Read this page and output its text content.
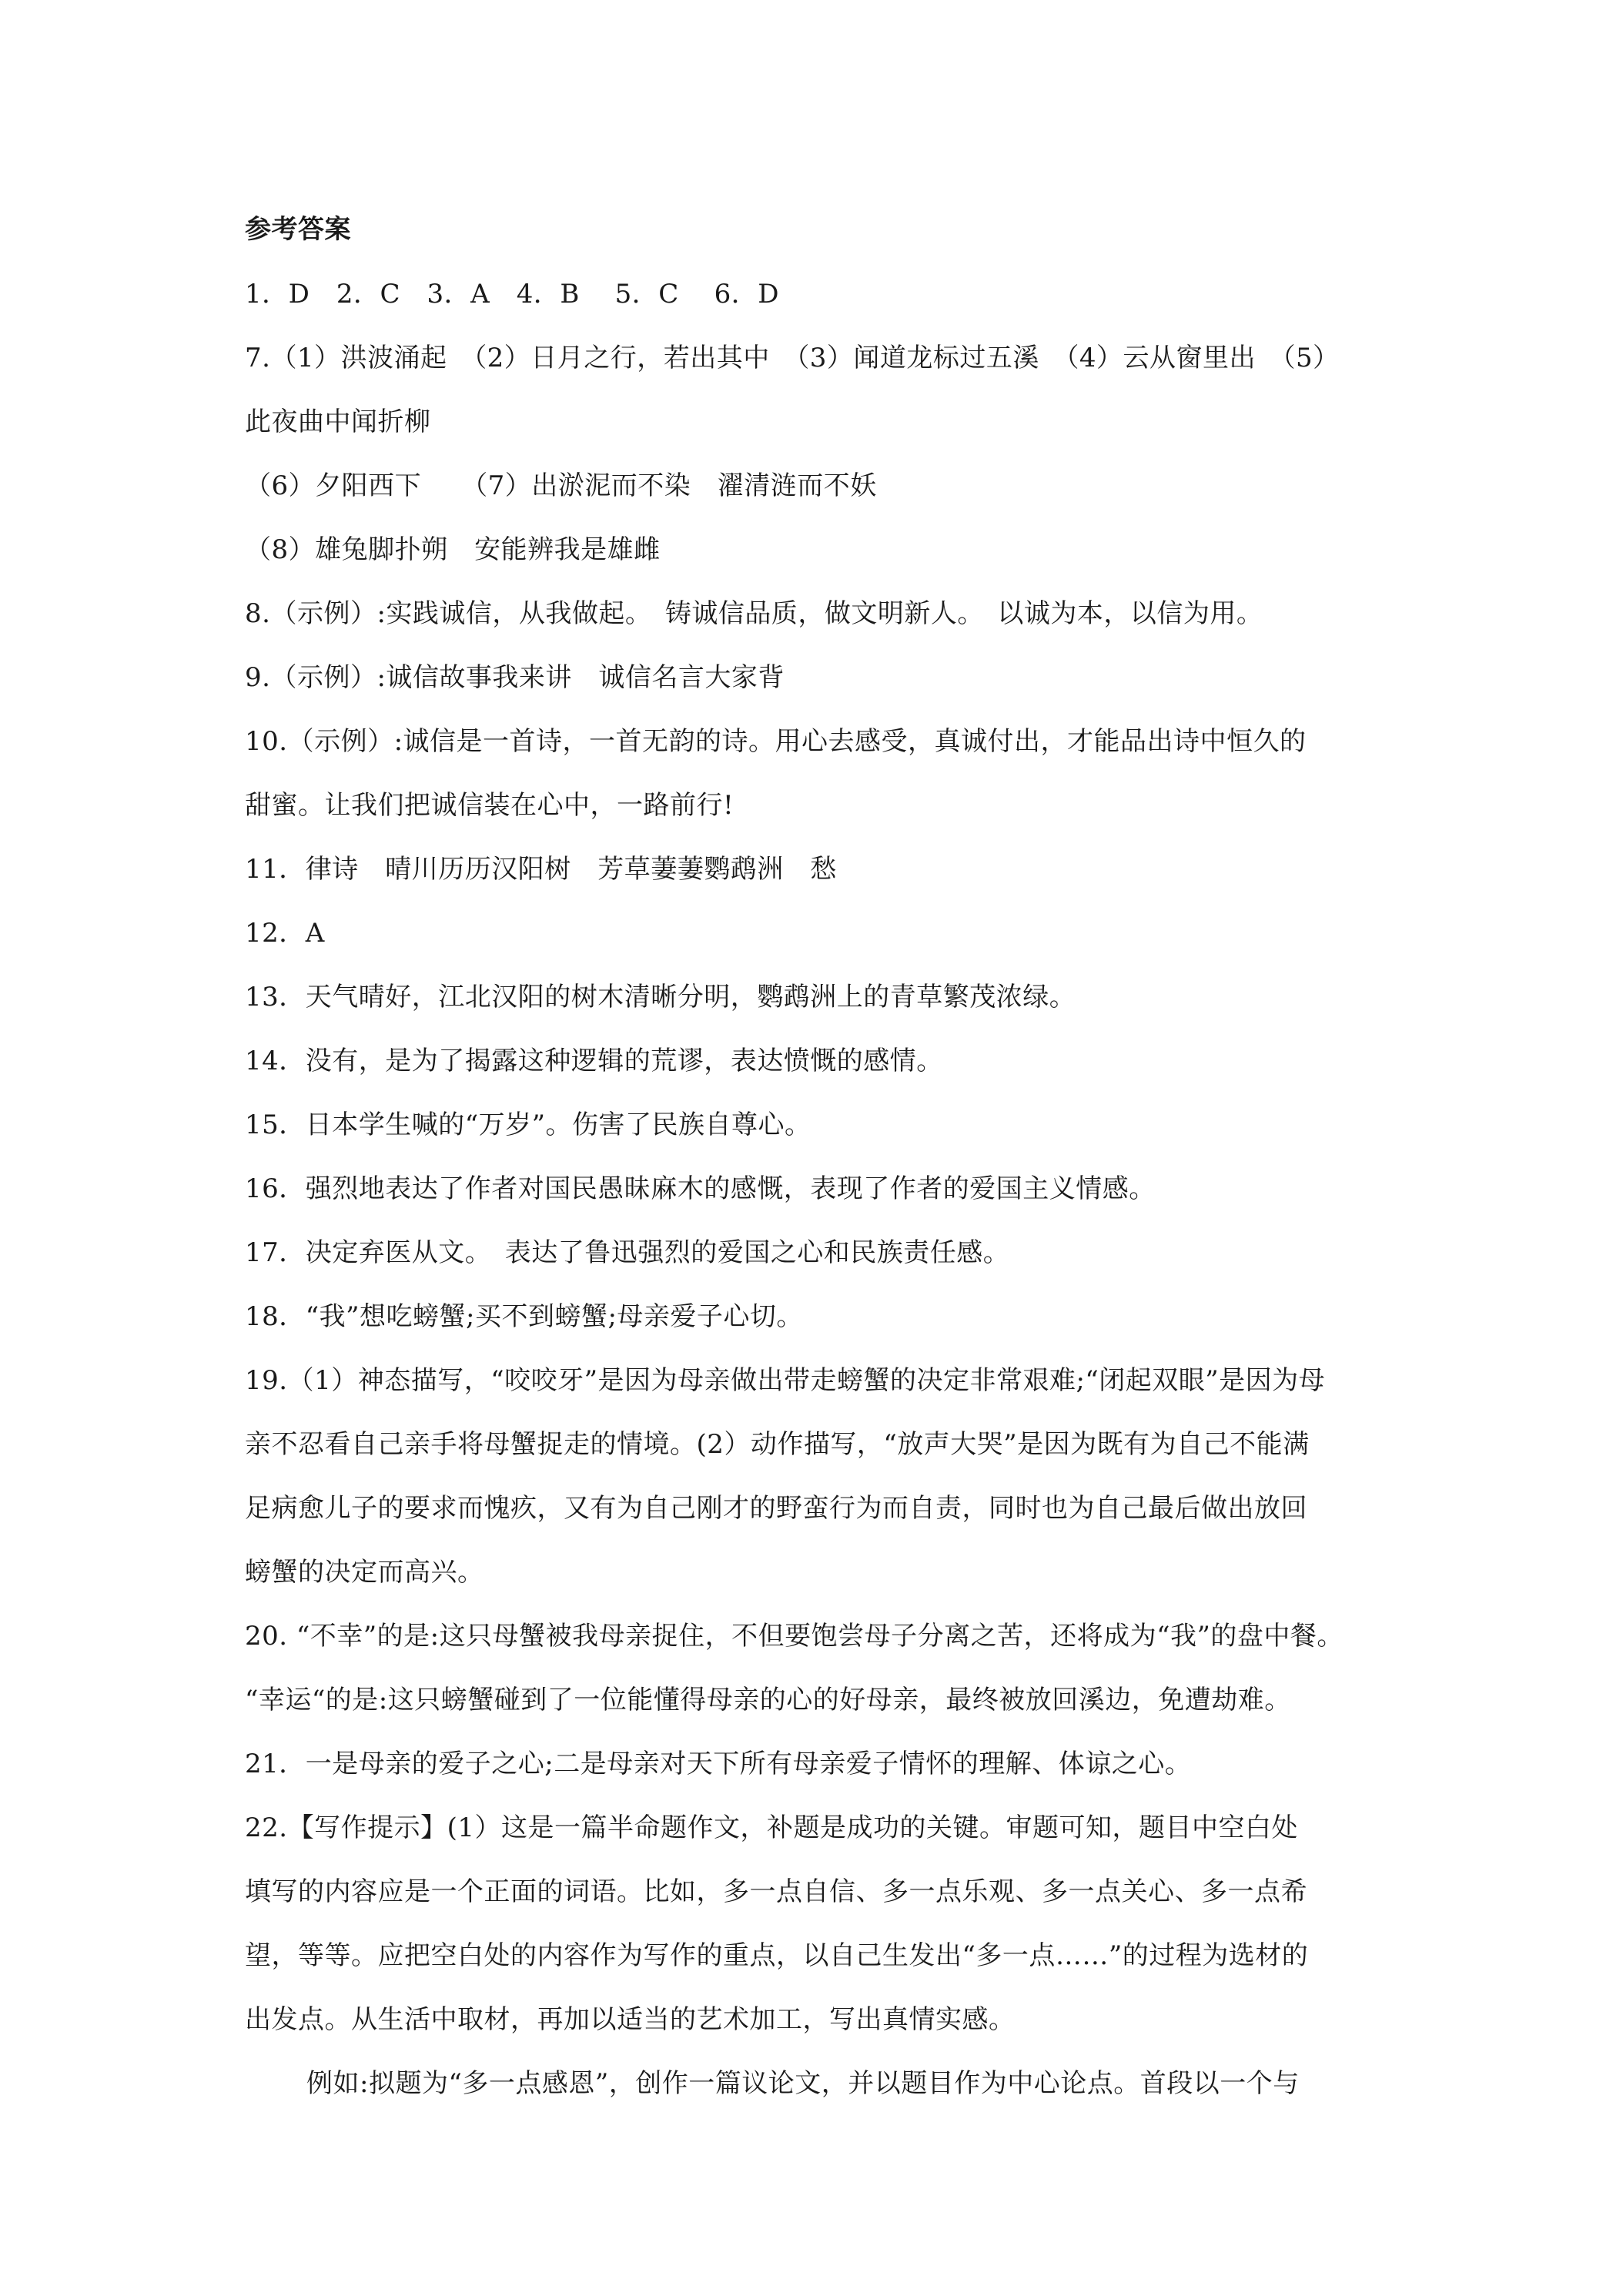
参考答案
1．D　2．C　3．A　4．B　 5．C　 6．D
7.（1）洪波涌起　（2）日月之行，若出其中　（3）闻道龙标过五溪　（4）云从窗里出　（5）
此夜曲中闻折柳
（6）夕阳西下　　（7）出淤泥而不染　濯清涟而不妖
（8）雄兔脚扑朔　安能辨我是雄雌
8.（示例）:实践诚信，从我做起。　铸诚信品质，做文明新人。　以诚为本，以信为用。
9.（示例）:诚信故事我来讲　诚信名言大家背
10.（示例）:诚信是一首诗，一首无韵的诗。用心去感受，真诚付出，才能品出诗中恒久的
甜蜜。让我们把诚信装在心中，一路前行!
11．律诗　晴川历历汉阳树　芳草萋萋鹦鹉洲　愁
12．A
13．天气晴好，江北汉阳的树木清晰分明，鹦鹉洲上的青草繁茂浓绿。
14．没有，是为了揭露这种逻辑的荒谬，表达愤慨的感情。
15．日本学生喊的“万岁”。伤害了民族自尊心。
16．强烈地表达了作者对国民愚昧麻木的感慨，表现了作者的爱国主义情感。
17．决定弃医从文。　表达了鲁迅强烈的爱国之心和民族责任感。
18．“我”想吃螃蟹;买不到螃蟹;母亲爱子心切。
19.（1）神态描写，“咬咬牙”是因为母亲做出带走螃蟹的决定非常艰难;“闭起双眼”是因为母
亲不忍看自己亲手将母蟹捉走的情境。(2）动作描写，“放声大哭”是因为既有为自己不能满
足病愈儿子的要求而愧疚，又有为自己刚才的野蛮行为而自责，同时也为自己最后做出放回
螃蟹的决定而高兴。
20. “不幸”的是:这只母蟹被我母亲捉住，不但要饱尝母子分离之苦，还将成为“我”的盘中餐。
“幸运“的是:这只螃蟹碰到了一位能懂得母亲的心的好母亲，最终被放回溪边，免遭劫难。
21．一是母亲的爱子之心;二是母亲对天下所有母亲爱子情怀的理解、体谅之心。
22.【写作提示】(1）这是一篇半命题作文，补题是成功的关键。审题可知，题目中空白处
填写的内容应是一个正面的词语。比如，多一点自信、多一点乐观、多一点关心、多一点希
望，等等。应把空白处的内容作为写作的重点，以自己生发出“多一点……”的过程为选材的
出发点。从生活中取材，再加以适当的艺术加工，写出真情实感。
例如:拟题为“多一点感恩”，创作一篇议论文，并以题目作为中心论点。首段以一个与
